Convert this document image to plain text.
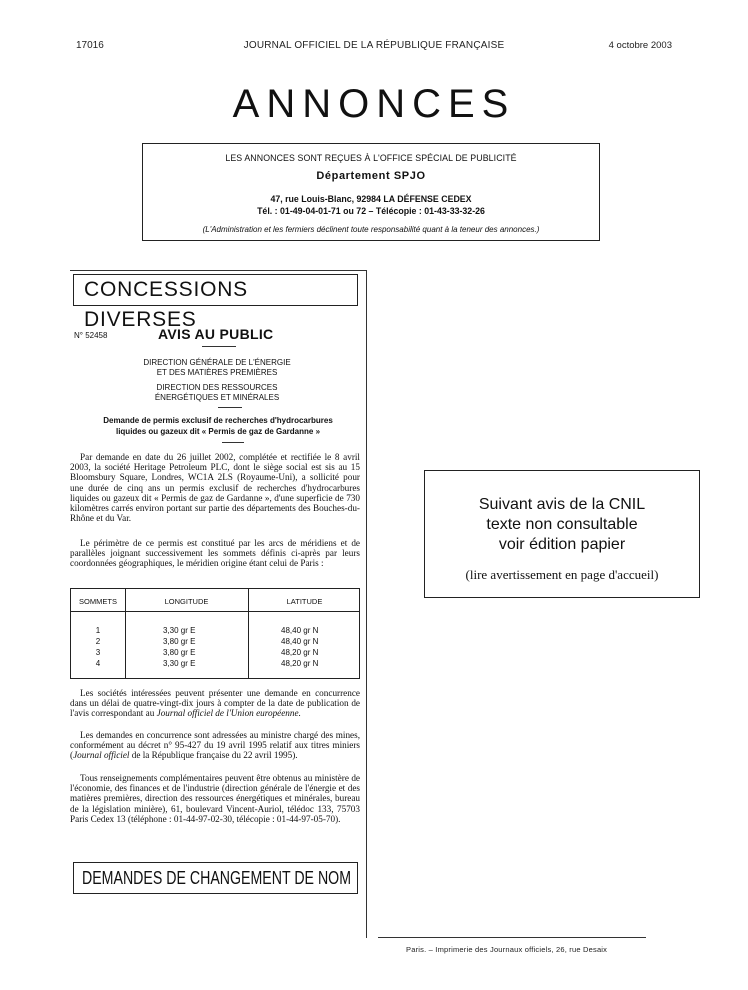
17016	JOURNAL OFFICIEL DE LA RÉPUBLIQUE FRANÇAISE	4 octobre 2003
ANNONCES
LES ANNONCES SONT REÇUES À L'OFFICE SPÉCIAL DE PUBLICITÉ
Département SPJO
47, rue Louis-Blanc, 92984 LA DÉFENSE CEDEX
Tél. : 01-49-04-01-71 ou 72 – Télécopie : 01-43-33-32-26
(L'Administration et les fermiers déclinent toute responsabilité quant à la teneur des annonces.)
CONCESSIONS DIVERSES
N° 52458	AVIS AU PUBLIC
DIRECTION GÉNÉRALE DE L'ÉNERGIE
ET DES MATIÈRES PREMIÈRES
DIRECTION DES RESSOURCES
ÉNERGÉTIQUES ET MINÉRALES
Demande de permis exclusif de recherches d'hydrocarbures
liquides ou gazeux dit « Permis de gaz de Gardanne »
Par demande en date du 26 juillet 2002, complétée et rectifiée le 8 avril 2003, la société Heritage Petroleum PLC, dont le siège social est sis au 15 Bloomsbury Square, Londres, WC1A 2LS (Royaume-Uni), a sollicité pour une durée de cinq ans un permis exclusif de recherches d'hydrocarbures liquides ou gazeux dit « Permis de gaz de Gardanne », d'une superficie de 730 kilomètres carrés environ portant sur partie des départements des Bouches-du-Rhône et du Var.
Le périmètre de ce permis est constitué par les arcs de méridiens et de parallèles joignant successivement les sommets définis ci-après par leurs coordonnées géographiques, le méridien origine étant celui de Paris :
SOMMETS	LONGITUDE	LATITUDE
1	3,30 gr E	48,40 gr N
2	3,80 gr E	48,40 gr N
3	3,80 gr E	48,20 gr N
4	3,30 gr E	48,20 gr N
Les sociétés intéressées peuvent présenter une demande en concurrence dans un délai de quatre-vingt-dix jours à compter de la date de publication de l'avis correspondant au Journal officiel de l'Union européenne.
Les demandes en concurrence sont adressées au ministre chargé des mines, conformément au décret n° 95-427 du 19 avril 1995 relatif aux titres miniers (Journal officiel de la République française du 22 avril 1995).
Tous renseignements complémentaires peuvent être obtenus au ministère de l'économie, des finances et de l'industrie (direction générale de l'énergie et des matières premières, direction des ressources énergétiques et minérales, bureau de la législation minière), 61, boulevard Vincent-Auriol, télédoc 133, 75703 Paris Cedex 13 (téléphone : 01-44-97-02-30, télécopie : 01-44-97-05-70).
DEMANDES DE CHANGEMENT DE NOM
Suivant avis de la CNIL
texte non consultable
voir édition papier
(lire avertissement en page d'accueil)
Paris. – Imprimerie des Journaux officiels, 26, rue Desaix
